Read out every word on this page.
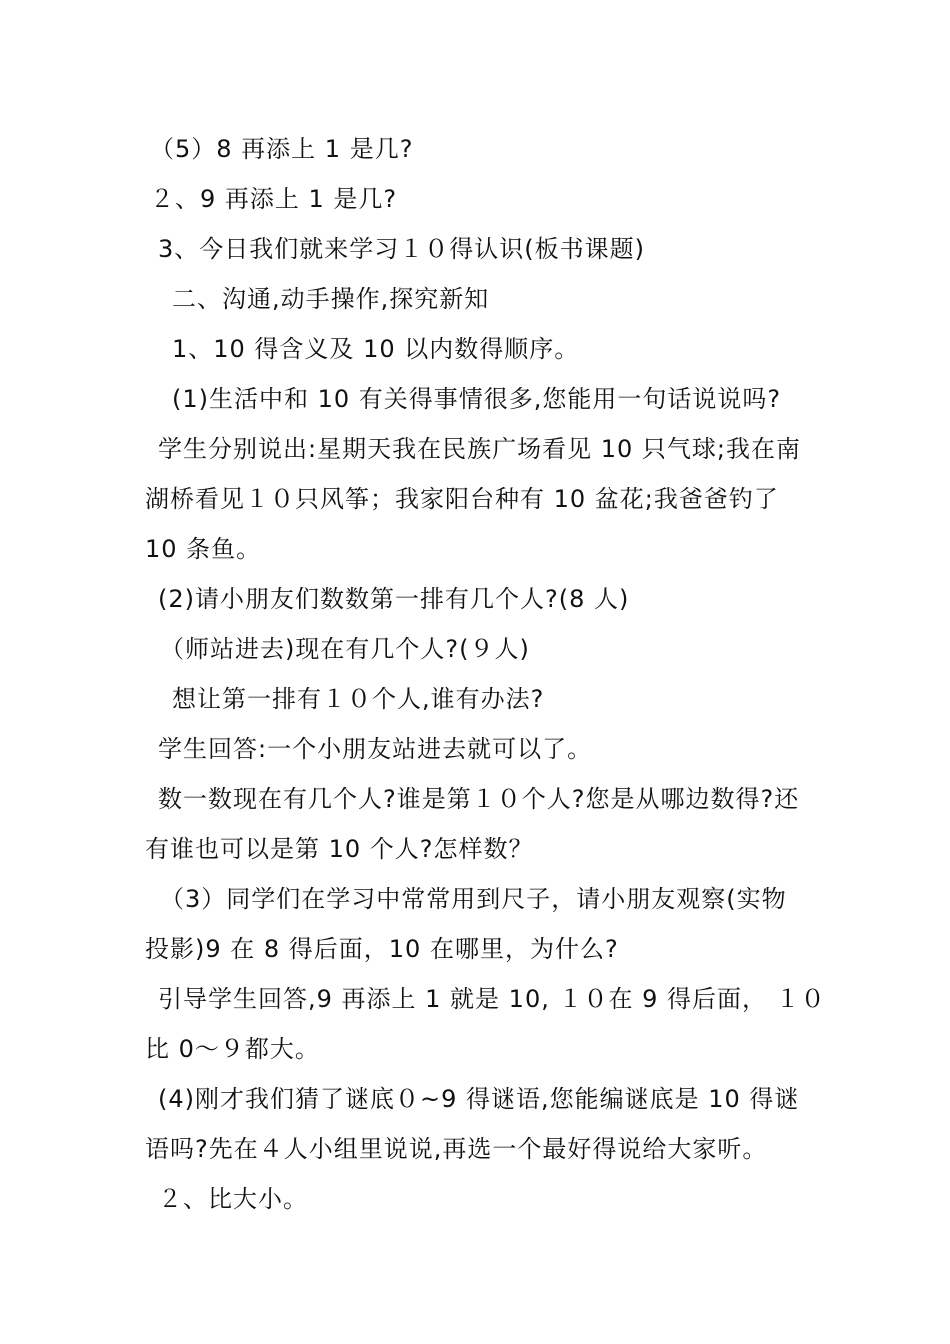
（5）8 再添上 1 是几?
２、9 再添上 1 是几?
3、今日我们就来学习１０得认识(板书课题)
二、沟通,动手操作,探究新知
1、10 得含义及 10 以内数得顺序。
(1)生活中和 10 有关得事情很多,您能用一句话说说吗?
学生分别说出:星期天我在民族广场看见 10 只气球;我在南
湖桥看见１０只风筝；我家阳台种有 10 盆花;我爸爸钓了
10 条鱼。
(2)请小朋友们数数第一排有几个人?(8 人)
（师站进去)现在有几个人?(９人)
想让第一排有１０个人,谁有办法?
学生回答:一个小朋友站进去就可以了。
数一数现在有几个人?谁是第１０个人?您是从哪边数得?还
有谁也可以是第 10 个人?怎样数？
（3）同学们在学习中常常用到尺子，请小朋友观察(实物
投影)9 在 8 得后面，10 在哪里，为什么?
引导学生回答,9 再添上 1 就是 10, １０在 9 得后面， １０
比 0～９都大。
(4)刚才我们猜了谜底０~9 得谜语,您能编谜底是 10 得谜
语吗?先在４人小组里说说,再选一个最好得说给大家听。
２、比大小。
